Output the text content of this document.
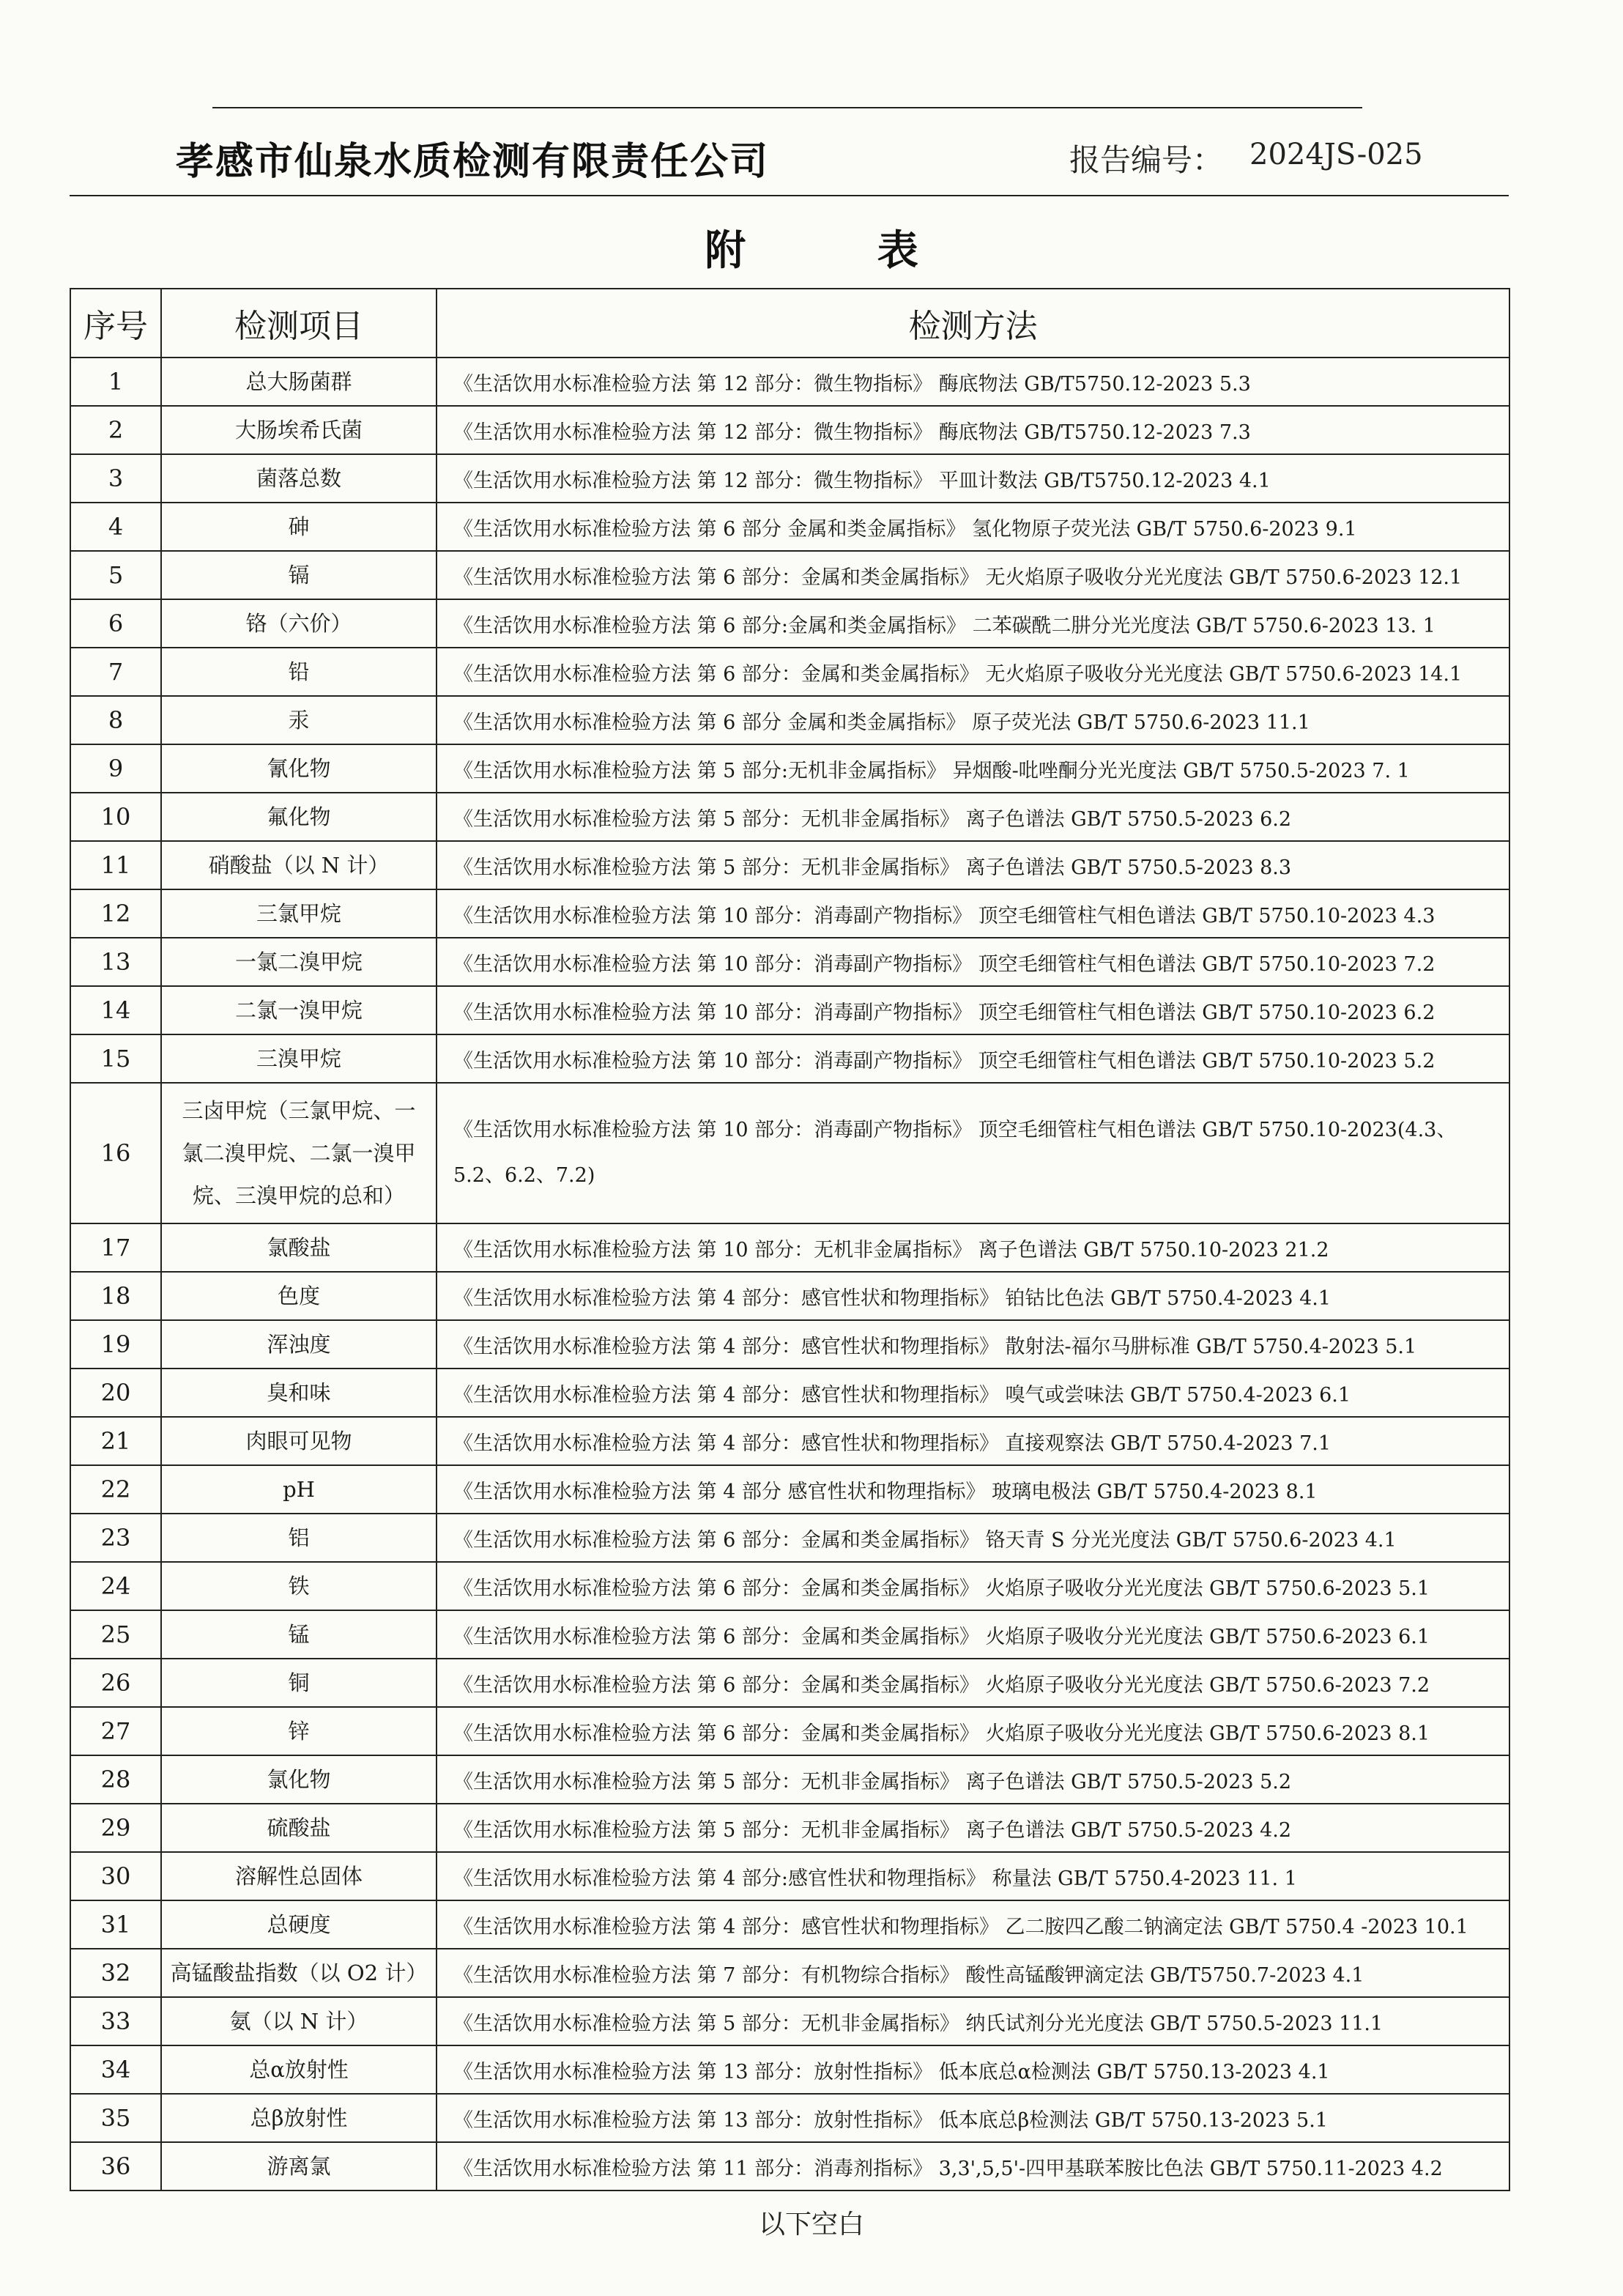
孝感市仙泉水质检测有限责任公司	报告编号： 2024JS-025
附 表
序号	检测项目	检测方法
1	总大肠菌群	《生活饮用水标准检验方法 第 12 部分：微生物指标》 酶底物法 GB/T5750.12-2023 5.3
2	大肠埃希氏菌	《生活饮用水标准检验方法 第 12 部分：微生物指标》 酶底物法 GB/T5750.12-2023 7.3
3	菌落总数	《生活饮用水标准检验方法 第 12 部分：微生物指标》 平皿计数法 GB/T5750.12-2023 4.1
4	砷	《生活饮用水标准检验方法 第 6 部分 金属和类金属指标》 氢化物原子荧光法 GB/T 5750.6-2023 9.1
5	镉	《生活饮用水标准检验方法 第 6 部分：金属和类金属指标》 无火焰原子吸收分光光度法 GB/T 5750.6-2023 12.1
6	铬（六价）	《生活饮用水标准检验方法 第 6 部分:金属和类金属指标》 二苯碳酰二肼分光光度法 GB/T 5750.6-2023 13. 1
7	铅	《生活饮用水标准检验方法 第 6 部分：金属和类金属指标》 无火焰原子吸收分光光度法 GB/T 5750.6-2023 14.1
8	汞	《生活饮用水标准检验方法 第 6 部分 金属和类金属指标》 原子荧光法 GB/T 5750.6-2023 11.1
9	氰化物	《生活饮用水标准检验方法 第 5 部分:无机非金属指标》 异烟酸-吡唑酮分光光度法 GB/T 5750.5-2023 7. 1
10	氟化物	《生活饮用水标准检验方法 第 5 部分：无机非金属指标》 离子色谱法 GB/T 5750.5-2023 6.2
11	硝酸盐（以 N 计）	《生活饮用水标准检验方法 第 5 部分：无机非金属指标》 离子色谱法 GB/T 5750.5-2023 8.3
12	三氯甲烷	《生活饮用水标准检验方法 第 10 部分：消毒副产物指标》 顶空毛细管柱气相色谱法 GB/T 5750.10-2023 4.3
13	一氯二溴甲烷	《生活饮用水标准检验方法 第 10 部分：消毒副产物指标》 顶空毛细管柱气相色谱法 GB/T 5750.10-2023 7.2
14	二氯一溴甲烷	《生活饮用水标准检验方法 第 10 部分：消毒副产物指标》 顶空毛细管柱气相色谱法 GB/T 5750.10-2023 6.2
15	三溴甲烷	《生活饮用水标准检验方法 第 10 部分：消毒副产物指标》 顶空毛细管柱气相色谱法 GB/T 5750.10-2023 5.2
16	三卤甲烷（三氯甲烷、一氯二溴甲烷、二氯一溴甲烷、三溴甲烷的总和）	《生活饮用水标准检验方法 第 10 部分：消毒副产物指标》 顶空毛细管柱气相色谱法 GB/T 5750.10-2023(4.3、5.2、6.2、7.2)
17	氯酸盐	《生活饮用水标准检验方法 第 10 部分：无机非金属指标》 离子色谱法 GB/T 5750.10-2023 21.2
18	色度	《生活饮用水标准检验方法 第 4 部分：感官性状和物理指标》 铂钴比色法 GB/T 5750.4-2023 4.1
19	浑浊度	《生活饮用水标准检验方法 第 4 部分：感官性状和物理指标》 散射法-福尔马肼标准 GB/T 5750.4-2023 5.1
20	臭和味	《生活饮用水标准检验方法 第 4 部分：感官性状和物理指标》 嗅气或尝味法 GB/T 5750.4-2023 6.1
21	肉眼可见物	《生活饮用水标准检验方法 第 4 部分：感官性状和物理指标》 直接观察法 GB/T 5750.4-2023 7.1
22	pH	《生活饮用水标准检验方法 第 4 部分 感官性状和物理指标》 玻璃电极法 GB/T 5750.4-2023 8.1
23	铝	《生活饮用水标准检验方法 第 6 部分：金属和类金属指标》 铬天青 S 分光光度法 GB/T 5750.6-2023 4.1
24	铁	《生活饮用水标准检验方法 第 6 部分：金属和类金属指标》 火焰原子吸收分光光度法 GB/T 5750.6-2023 5.1
25	锰	《生活饮用水标准检验方法 第 6 部分：金属和类金属指标》 火焰原子吸收分光光度法 GB/T 5750.6-2023 6.1
26	铜	《生活饮用水标准检验方法 第 6 部分：金属和类金属指标》 火焰原子吸收分光光度法 GB/T 5750.6-2023 7.2
27	锌	《生活饮用水标准检验方法 第 6 部分：金属和类金属指标》 火焰原子吸收分光光度法 GB/T 5750.6-2023 8.1
28	氯化物	《生活饮用水标准检验方法 第 5 部分：无机非金属指标》 离子色谱法 GB/T 5750.5-2023 5.2
29	硫酸盐	《生活饮用水标准检验方法 第 5 部分：无机非金属指标》 离子色谱法 GB/T 5750.5-2023 4.2
30	溶解性总固体	《生活饮用水标准检验方法 第 4 部分:感官性状和物理指标》 称量法 GB/T 5750.4-2023 11. 1
31	总硬度	《生活饮用水标准检验方法 第 4 部分：感官性状和物理指标》 乙二胺四乙酸二钠滴定法 GB/T 5750.4 -2023 10.1
32	高锰酸盐指数（以 O2 计）	《生活饮用水标准检验方法 第 7 部分：有机物综合指标》 酸性高锰酸钾滴定法 GB/T5750.7-2023 4.1
33	氨（以 N 计）	《生活饮用水标准检验方法 第 5 部分：无机非金属指标》 纳氏试剂分光光度法 GB/T 5750.5-2023 11.1
34	总α放射性	《生活饮用水标准检验方法 第 13 部分：放射性指标》 低本底总α检测法 GB/T 5750.13-2023 4.1
35	总β放射性	《生活饮用水标准检验方法 第 13 部分：放射性指标》 低本底总β检测法 GB/T 5750.13-2023 5.1
36	游离氯	《生活饮用水标准检验方法 第 11 部分：消毒剂指标》 3,3',5,5'-四甲基联苯胺比色法 GB/T 5750.11-2023 4.2
以下空白
